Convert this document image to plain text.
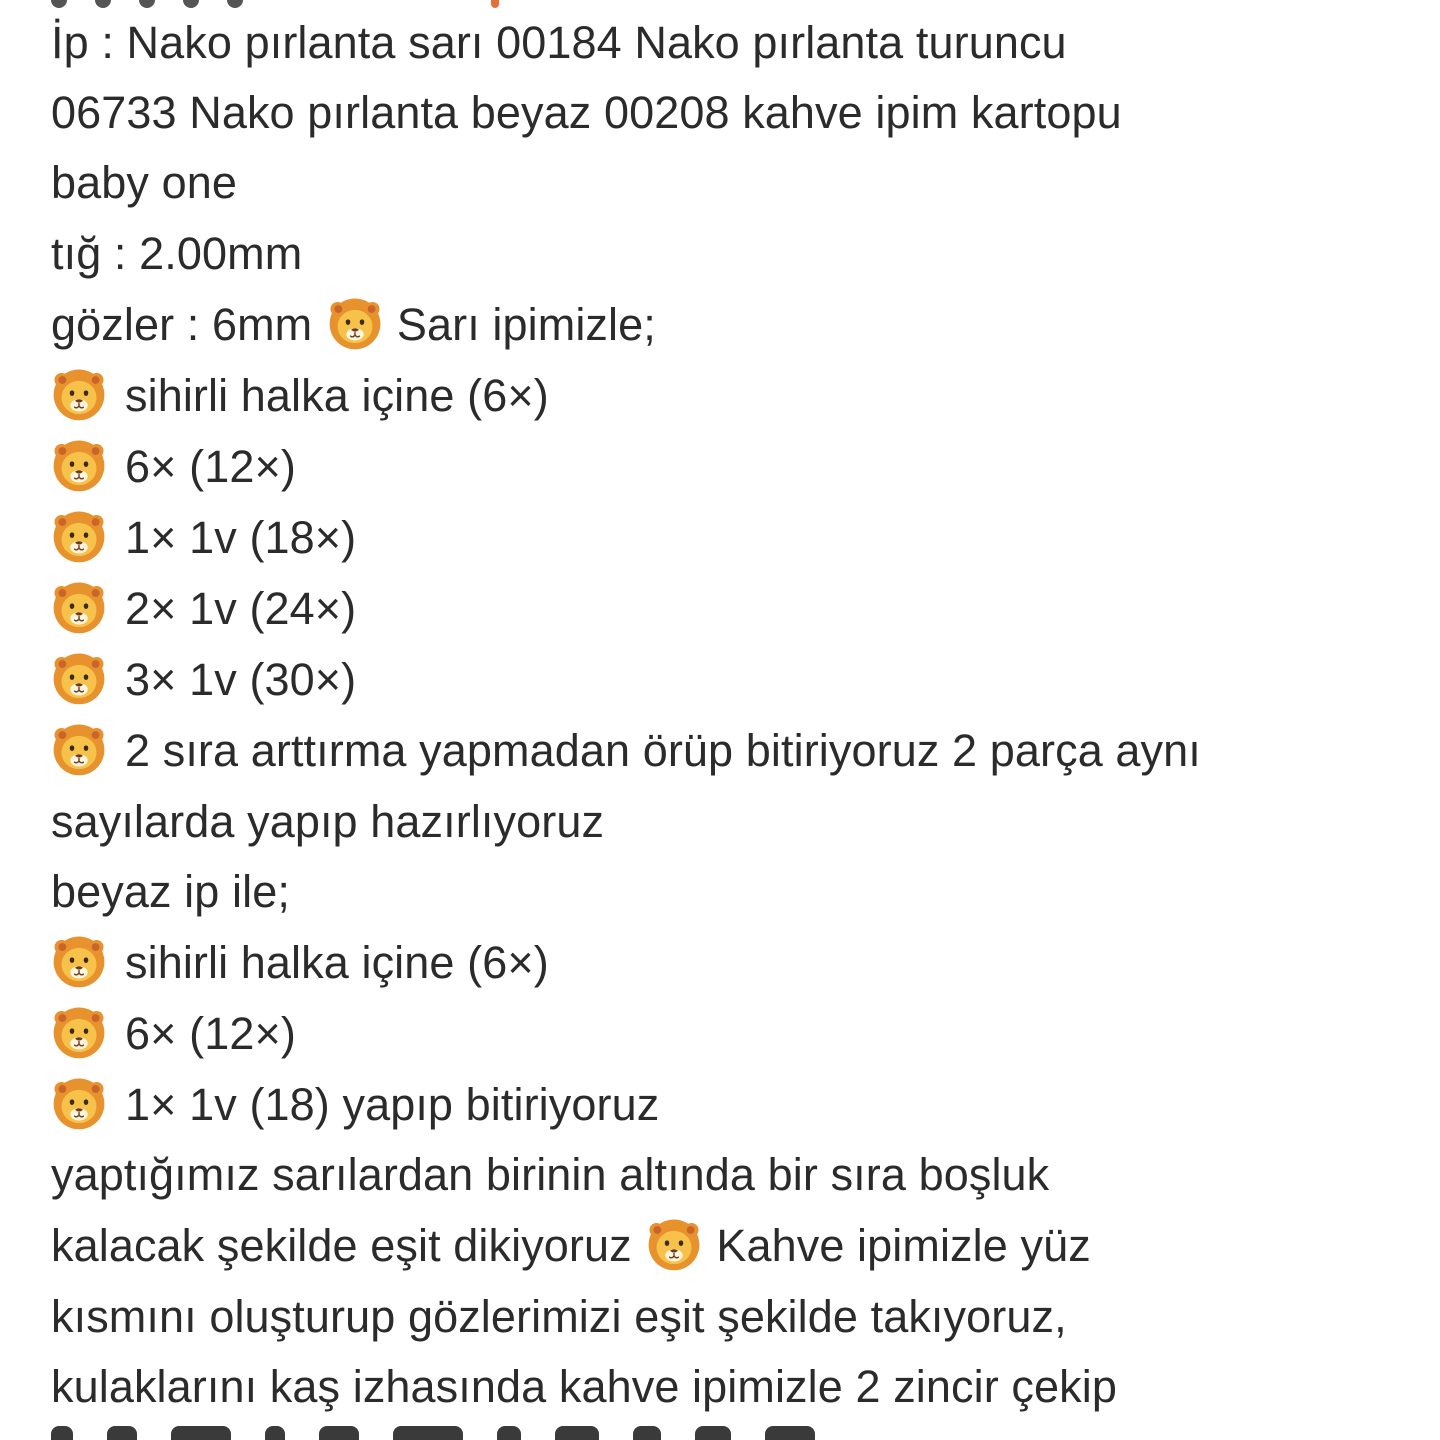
İp : Nako pırlanta sarı 00184 Nako pırlanta turuncu
06733 Nako pırlanta beyaz 00208 kahve ipim kartopu
baby one
tığ : 2.00mm
gözler : 6mm Sarı ipimizle;
sihirli halka içine (6×)
6× (12×)
1× 1v (18×)
2× 1v (24×)
3× 1v (30×)
2 sıra arttırma yapmadan örüp bitiriyoruz 2 parça aynı
sayılarda yapıp hazırlıyoruz
beyaz ip ile;
sihirli halka içine (6×)
6× (12×)
1× 1v (18) yapıp bitiriyoruz
yaptığımız sarılardan birinin altında bir sıra boşluk
kalacak şekilde eşit dikiyoruz Kahve ipimizle yüz
kısmını oluşturup gözlerimizi eşit şekilde takıyoruz,
kulaklarını kaş izhasında kahve ipimizle 2 zincir çekip
